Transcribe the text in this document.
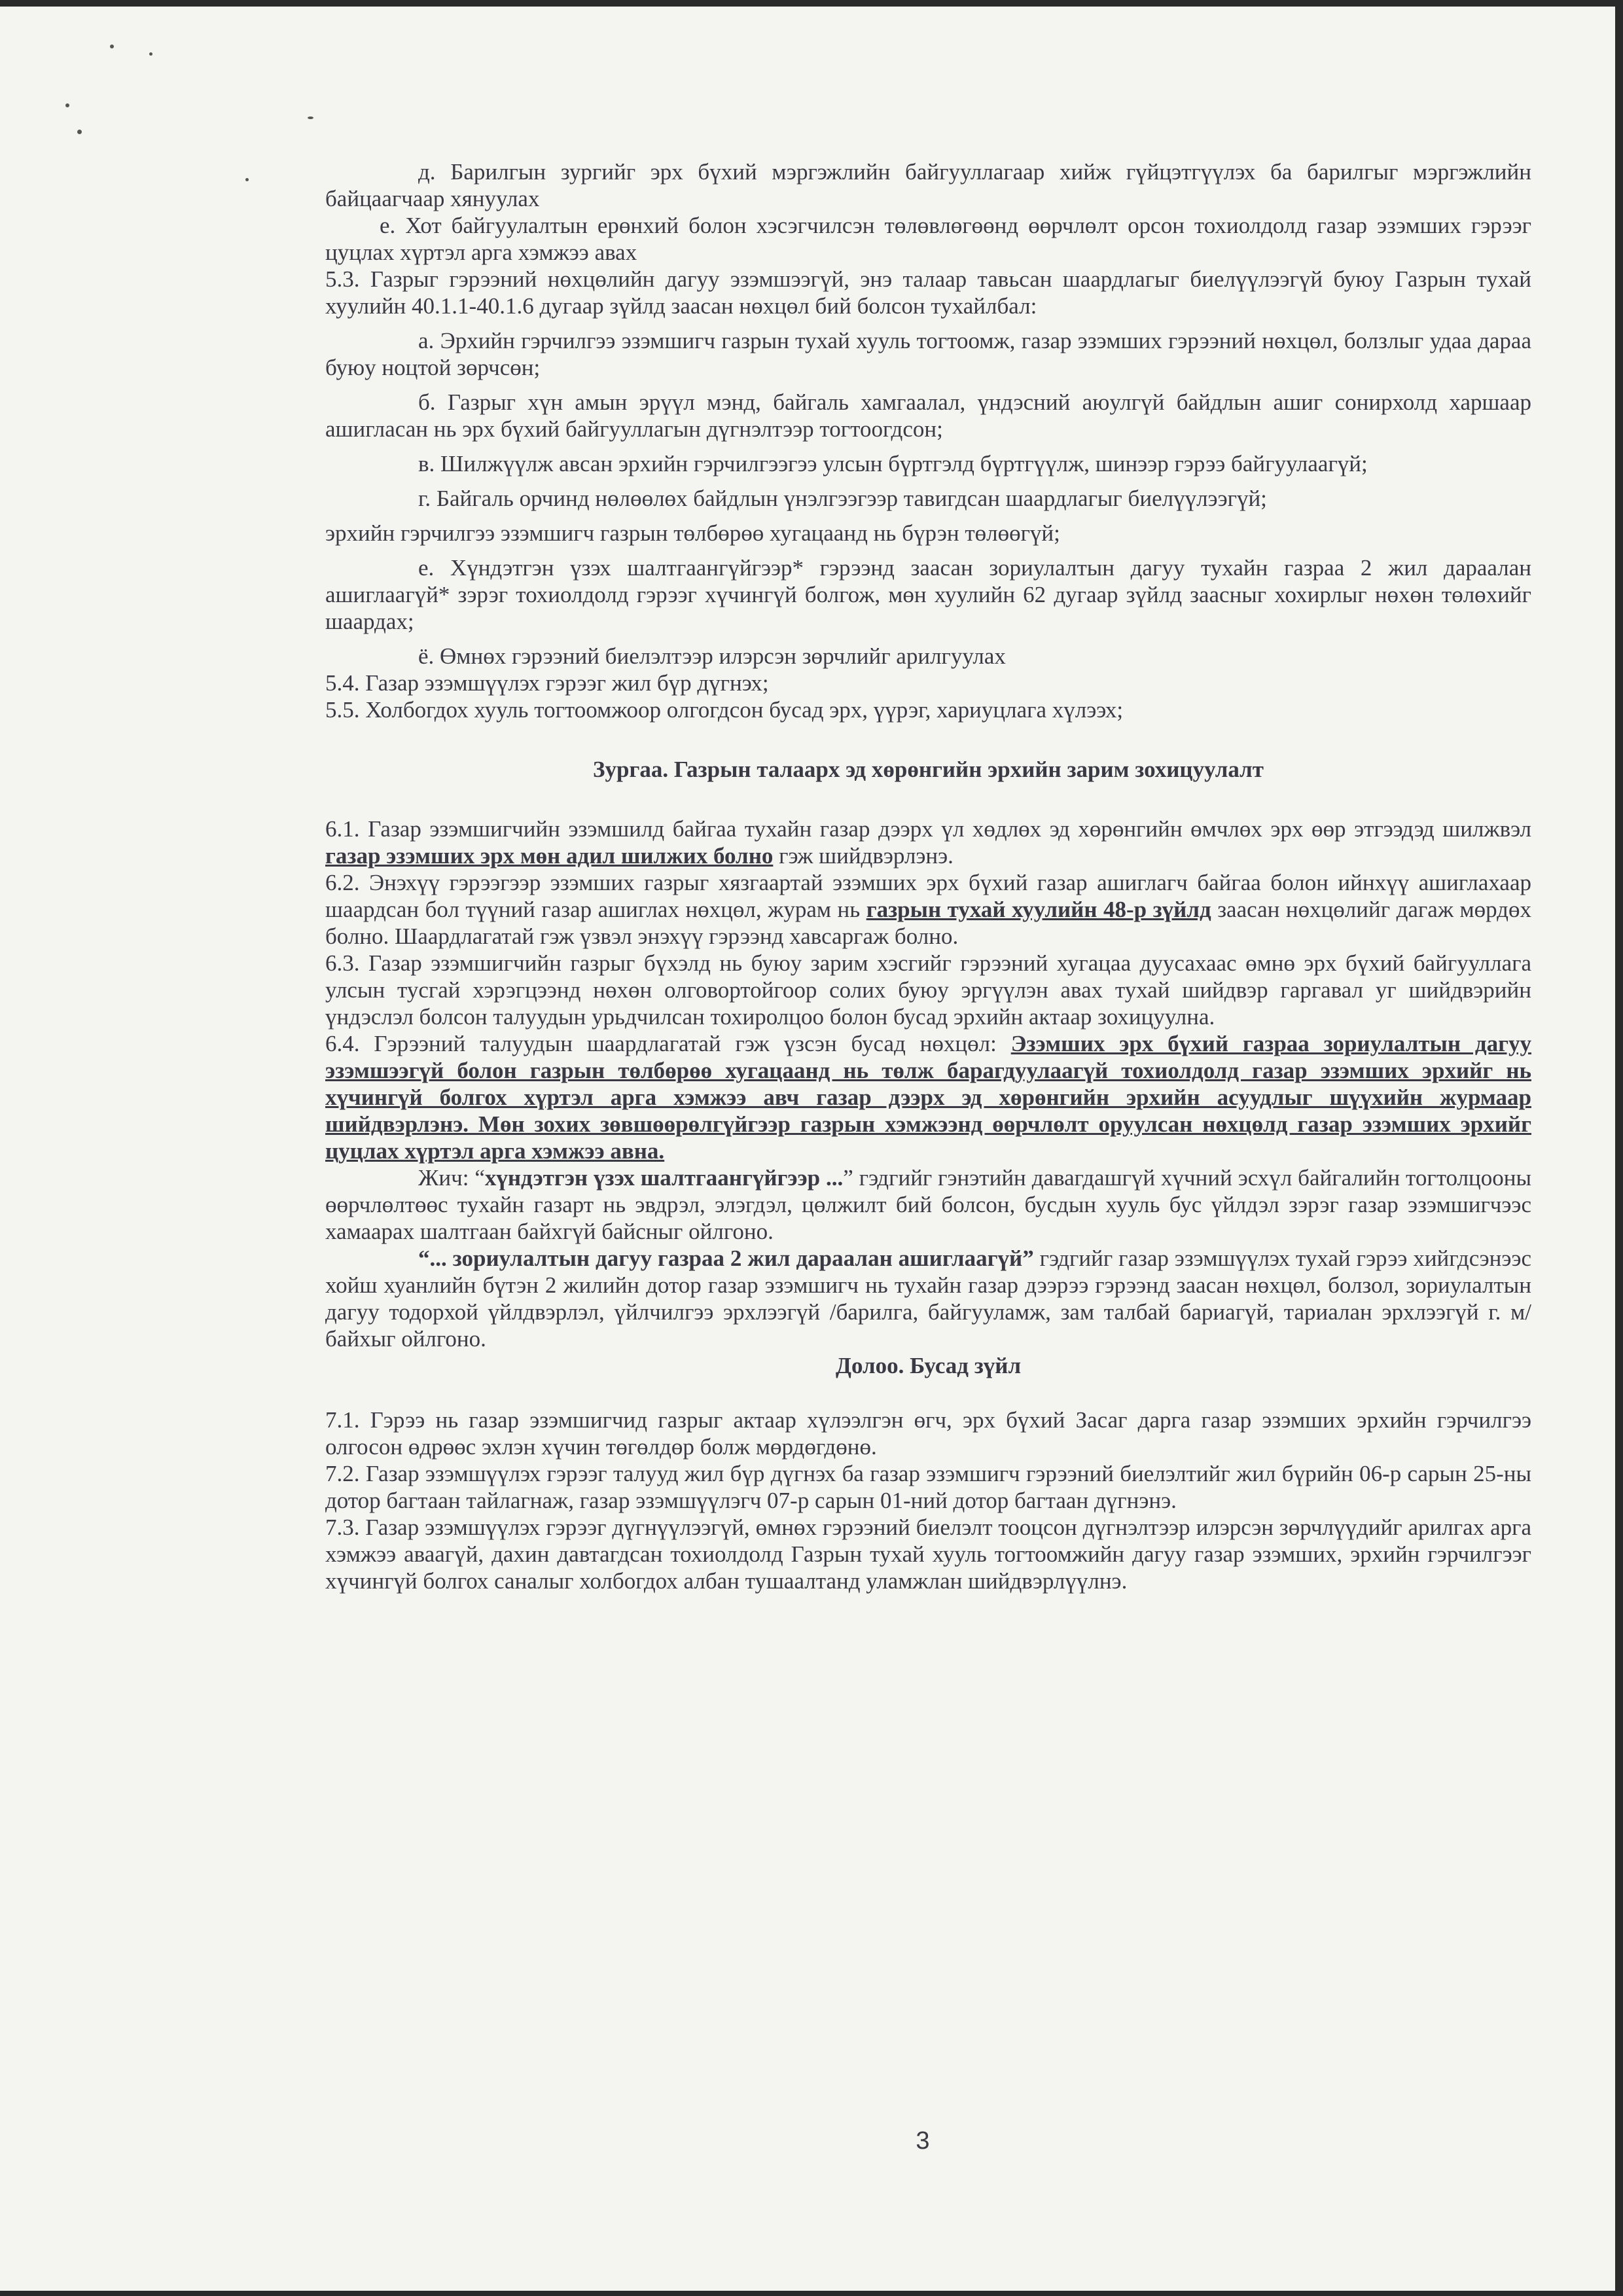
д. Барилгын зургийг эрх бүхий мэргэжлийн байгууллагаар хийж гүйцэтгүүлэх ба барилгыг мэргэжлийн байцаагчаар хянуулах

е. Хот байгуулалтын ерөнхий болон хэсэгчилсэн төлөвлөгөөнд өөрчлөлт орсон тохиолдолд газар эзэмших гэрээг цуцлах хүртэл арга хэмжээ авах

5.3. Газрыг гэрээний нөхцөлийн дагуу эзэмшээгүй, энэ талаар тавьсан шаардлагыг биелүүлээгүй буюу Газрын тухай хуулийн 40.1.1-40.1.6 дугаар зүйлд заасан нөхцөл бий болсон тухайлбал:

а. Эрхийн гэрчилгээ эзэмшигч газрын тухай хууль тогтоомж, газар эзэмших гэрээний нөхцөл, болзлыг удаа дараа буюу ноцтой зөрчсөн;

б. Газрыг хүн амын эрүүл мэнд, байгаль хамгаалал, үндэсний аюулгүй байдлын ашиг сонирхолд харшаар ашигласан нь эрх бүхий байгууллагын дүгнэлтээр тогтоогдсон;

в. Шилжүүлж авсан эрхийн гэрчилгээгээ улсын бүртгэлд бүртгүүлж, шинээр гэрээ байгуулаагүй;

г. Байгаль орчинд нөлөөлөх байдлын үнэлгээгээр тавигдсан шаардлагыг биелүүлээгүй;

эрхийн гэрчилгээ эзэмшигч газрын төлбөрөө хугацаанд нь бүрэн төлөөгүй;

е. Хүндэтгэн үзэх шалтгаангүйгээр* гэрээнд заасан зориулалтын дагуу тухайн газраа 2 жил дараалан ашиглаагүй* зэрэг тохиолдолд гэрээг хүчингүй болгож, мөн хуулийн 62 дугаар зүйлд заасныг хохирлыг нөхөн төлөхийг шаардах;

ё. Өмнөх гэрээний биелэлтээр илэрсэн зөрчлийг арилгуулах

5.4. Газар эзэмшүүлэх гэрээг жил бүр дүгнэх;

5.5. Холбогдох хууль тогтоомжоор олгогдсон бусад эрх, үүрэг, хариуцлага хүлээх;

Зургаа. Газрын талаарх эд хөрөнгийн эрхийн зарим зохицуулалт

6.1. Газар эзэмшигчийн эзэмшилд байгаа тухайн газар дээрх үл хөдлөх эд хөрөнгийн өмчлөх эрх өөр этгээдэд шилжвэл газар эзэмших эрх мөн адил шилжих болно гэж шийдвэрлэнэ.

6.2. Энэхүү гэрээгээр эзэмших газрыг хязгаартай эзэмших эрх бүхий газар ашиглагч байгаа болон ийнхүү ашиглахаар шаардсан бол түүний газар ашиглах нөхцөл, журам нь газрын тухай хуулийн 48-р зүйлд заасан нөхцөлийг дагаж мөрдөх болно. Шаардлагатай гэж үзвэл энэхүү гэрээнд хавсаргаж болно.

6.3. Газар эзэмшигчийн газрыг бүхэлд нь буюу зарим хэсгийг гэрээний хугацаа дуусахаас өмнө эрх бүхий байгууллага улсын тусгай хэрэгцээнд нөхөн олговортойгоор солих буюу эргүүлэн авах тухай шийдвэр гаргавал уг шийдвэрийн үндэслэл болсон талуудын урьдчилсан тохиролцоо болон бусад эрхийн актаар зохицуулна.

6.4. Гэрээний талуудын шаардлагатай гэж үзсэн бусад нөхцөл: Эзэмших эрх бүхий газраа зориулалтын дагуу эзэмшээгүй болон газрын төлбөрөө хугацаанд нь төлж барагдуулаагүй тохиолдолд газар эзэмших эрхийг нь хүчингүй болгох хүртэл арга хэмжээ авч газар дээрх эд хөрөнгийн эрхийн асуудлыг шүүхийн журмаар шийдвэрлэнэ. Мөн зохих зөвшөөрөлгүйгээр газрын хэмжээнд өөрчлөлт оруулсан нөхцөлд газар эзэмших эрхийг цуцлах хүртэл арга хэмжээ авна.

Жич: “хүндэтгэн үзэх шалтгаангүйгээр ...” гэдгийг гэнэтийн давагдашгүй хүчний эсхүл байгалийн тогтолцооны өөрчлөлтөөс тухайн газарт нь эвдрэл, элэгдэл, цөлжилт бий болсон, бусдын хууль бус үйлдэл зэрэг газар эзэмшигчээс хамаарах шалтгаан байхгүй байсныг ойлгоно.

“... зориулалтын дагуу газраа 2 жил дараалан ашиглаагүй” гэдгийг газар эзэмшүүлэх тухай гэрээ хийгдсэнээс хойш хуанлийн бүтэн 2 жилийн дотор газар эзэмшигч нь тухайн газар дээрээ гэрээнд заасан нөхцөл, болзол, зориулалтын дагуу тодорхой үйлдвэрлэл, үйлчилгээ эрхлээгүй /барилга, байгууламж, зам талбай бариагүй, тариалан эрхлээгүй г. м/ байхыг ойлгоно.

Долоо. Бусад зүйл

7.1. Гэрээ нь газар эзэмшигчид газрыг актаар хүлээлгэн өгч, эрх бүхий Засаг дарга газар эзэмших эрхийн гэрчилгээ олгосон өдрөөс эхлэн хүчин төгөлдөр болж мөрдөгдөнө.

7.2. Газар эзэмшүүлэх гэрээг талууд жил бүр дүгнэх ба газар эзэмшигч гэрээний биелэлтийг жил бүрийн 06-р сарын 25-ны дотор багтаан тайлагнаж, газар эзэмшүүлэгч 07-р сарын 01-ний дотор багтаан дүгнэнэ.

7.3. Газар эзэмшүүлэх гэрээг дүгнүүлээгүй, өмнөх гэрээний биелэлт тооцсон дүгнэлтээр илэрсэн зөрчлүүдийг арилгах арга хэмжээ аваагүй, дахин давтагдсан тохиолдолд Газрын тухай хууль тогтоомжийн дагуу газар эзэмших, эрхийн гэрчилгээг хүчингүй болгох саналыг холбогдох албан тушаалтанд уламжлан шийдвэрлүүлнэ.

3
